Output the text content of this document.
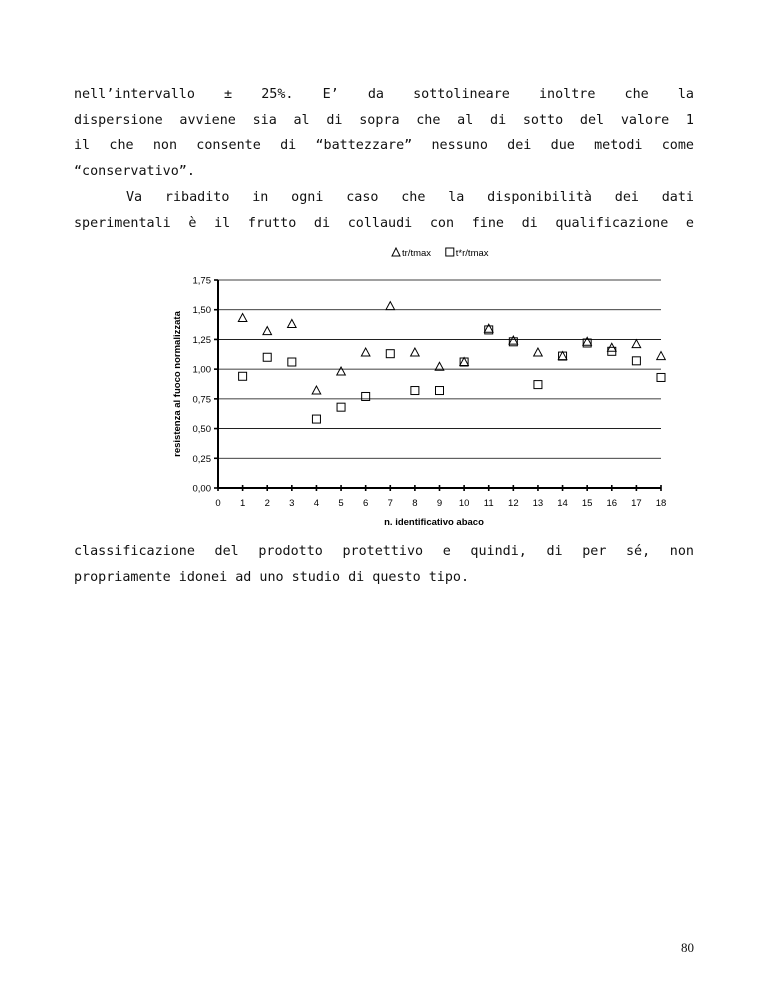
nell’intervallo ± 25%. E’ da sottolineare inoltre che la
dispersione avviene sia al di sopra che al di sotto del valore 1
il che non consente di “battezzare” nessuno dei due metodi come
“conservativo”.
Va ribadito in ogni caso che la disponibilità dei dati
sperimentali è il frutto di collaudi con fine di qualificazione e
tr/tmax	t*r/tmax
0,00
0,25
0,50
0,75
1,00
1,25
1,50
1,75
0 1 2 3 4 5 6 7 8 9 10 11 12 13 14 15 16 17 18
resistenza al fuoco normalizzata
n. identificativo abaco
classificazione del prodotto protettivo e quindi, di per sé, non
propriamente idonei ad uno studio di questo tipo.
80
